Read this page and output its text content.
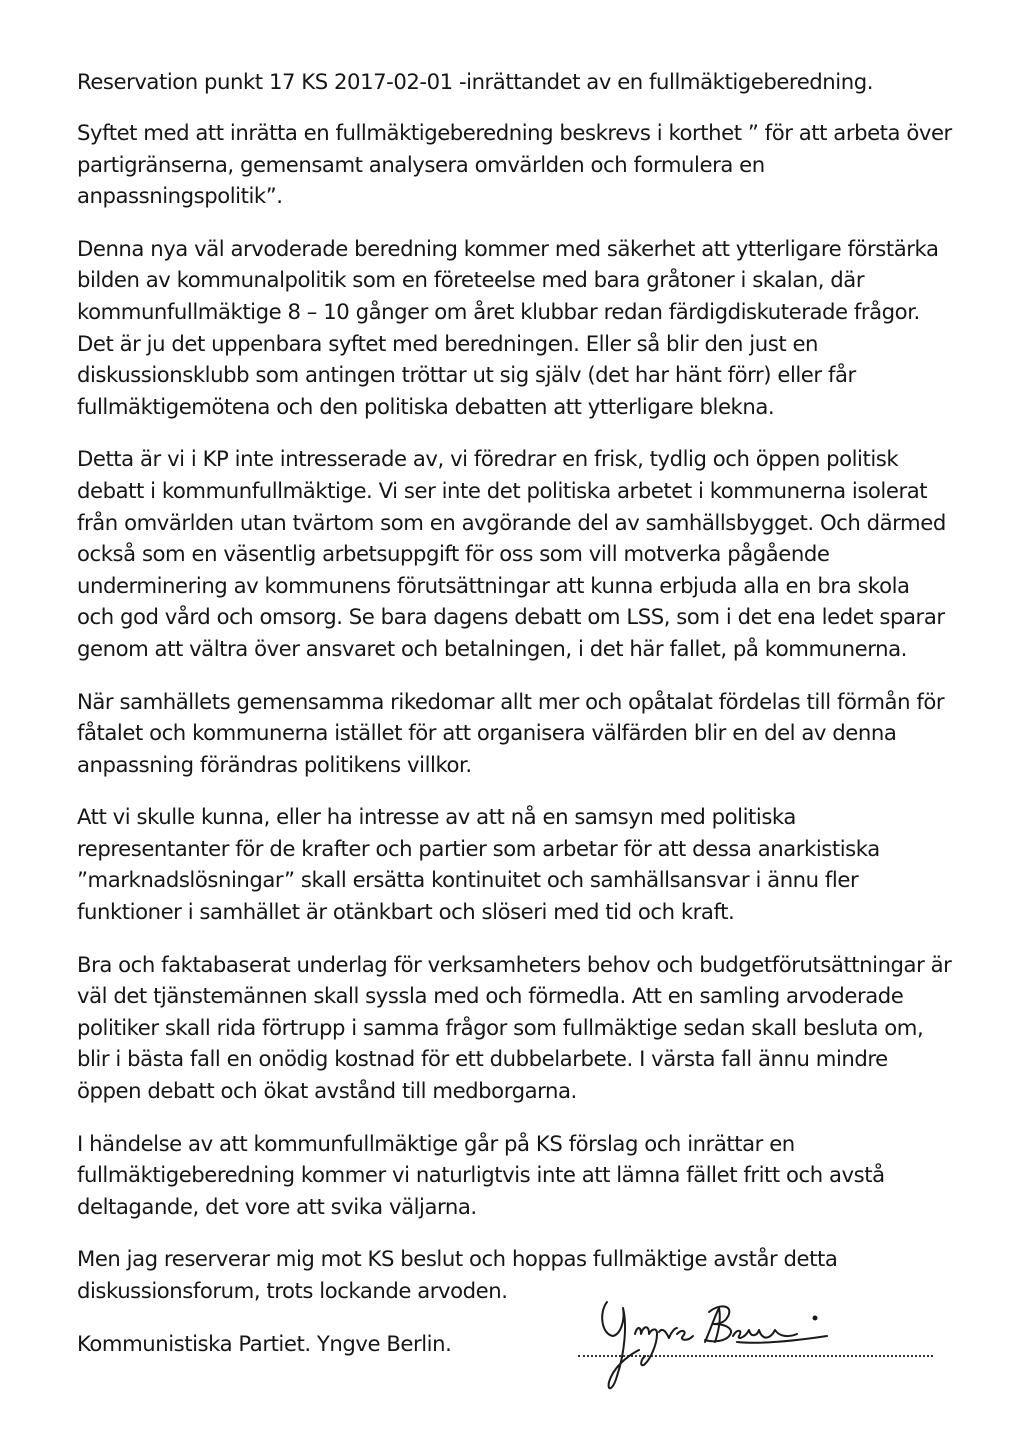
Reservation punkt 17 KS 2017-02-01 -inrättandet av en fullmäktigeberedning.

Syftet med att inrätta en fullmäktigeberedning beskrevs i korthet ” för att arbeta över
partigränserna, gemensamt analysera omvärlden och formulera en
anpassningspolitik”.
Denna nya väl arvoderade beredning kommer med säkerhet att ytterligare förstärka
bilden av kommunalpolitik som en företeelse med bara gråtoner i skalan, där
kommunfullmäktige 8 – 10 gånger om året klubbar redan färdigdiskuterade frågor.
Det är ju det uppenbara syftet med beredningen. Eller så blir den just en
diskussionsklubb som antingen tröttar ut sig själv (det har hänt förr) eller får
fullmäktigemötena och den politiska debatten att ytterligare blekna.
Detta är vi i KP inte intresserade av, vi föredrar en frisk, tydlig och öppen politisk
debatt i kommunfullmäktige. Vi ser inte det politiska arbetet i kommunerna isolerat
från omvärlden utan tvärtom som en avgörande del av samhällsbygget. Och därmed
också som en väsentlig arbetsuppgift för oss som vill motverka pågående
underminering av kommunens förutsättningar att kunna erbjuda alla en bra skola
och god vård och omsorg. Se bara dagens debatt om LSS, som i det ena ledet sparar
genom att vältra över ansvaret och betalningen, i det här fallet, på kommunerna.
När samhällets gemensamma rikedomar allt mer och opåtalat fördelas till förmån för
fåtalet och kommunerna istället för att organisera välfärden blir en del av denna
anpassning förändras politikens villkor.
Att vi skulle kunna, eller ha intresse av att nå en samsyn med politiska
representanter för de krafter och partier som arbetar för att dessa anarkistiska
”marknadslösningar” skall ersätta kontinuitet och samhällsansvar i ännu fler
funktioner i samhället är otänkbart och slöseri med tid och kraft.
Bra och faktabaserat underlag för verksamheters behov och budgetförutsättningar är
väl det tjänstemännen skall syssla med och förmedla. Att en samling arvoderade
politiker skall rida förtrupp i samma frågor som fullmäktige sedan skall besluta om,
blir i bästa fall en onödig kostnad för ett dubbelarbete. I värsta fall ännu mindre
öppen debatt och ökat avstånd till medborgarna.
I händelse av att kommunfullmäktige går på KS förslag och inrättar en
fullmäktigeberedning kommer vi naturligtvis inte att lämna fället fritt och avstå
deltagande, det vore att svika väljarna.
Men jag reserverar mig mot KS beslut och hoppas fullmäktige avstår detta
diskussionsforum, trots lockande arvoden.
Kommunistiska Partiet. Yngve Berlin.
